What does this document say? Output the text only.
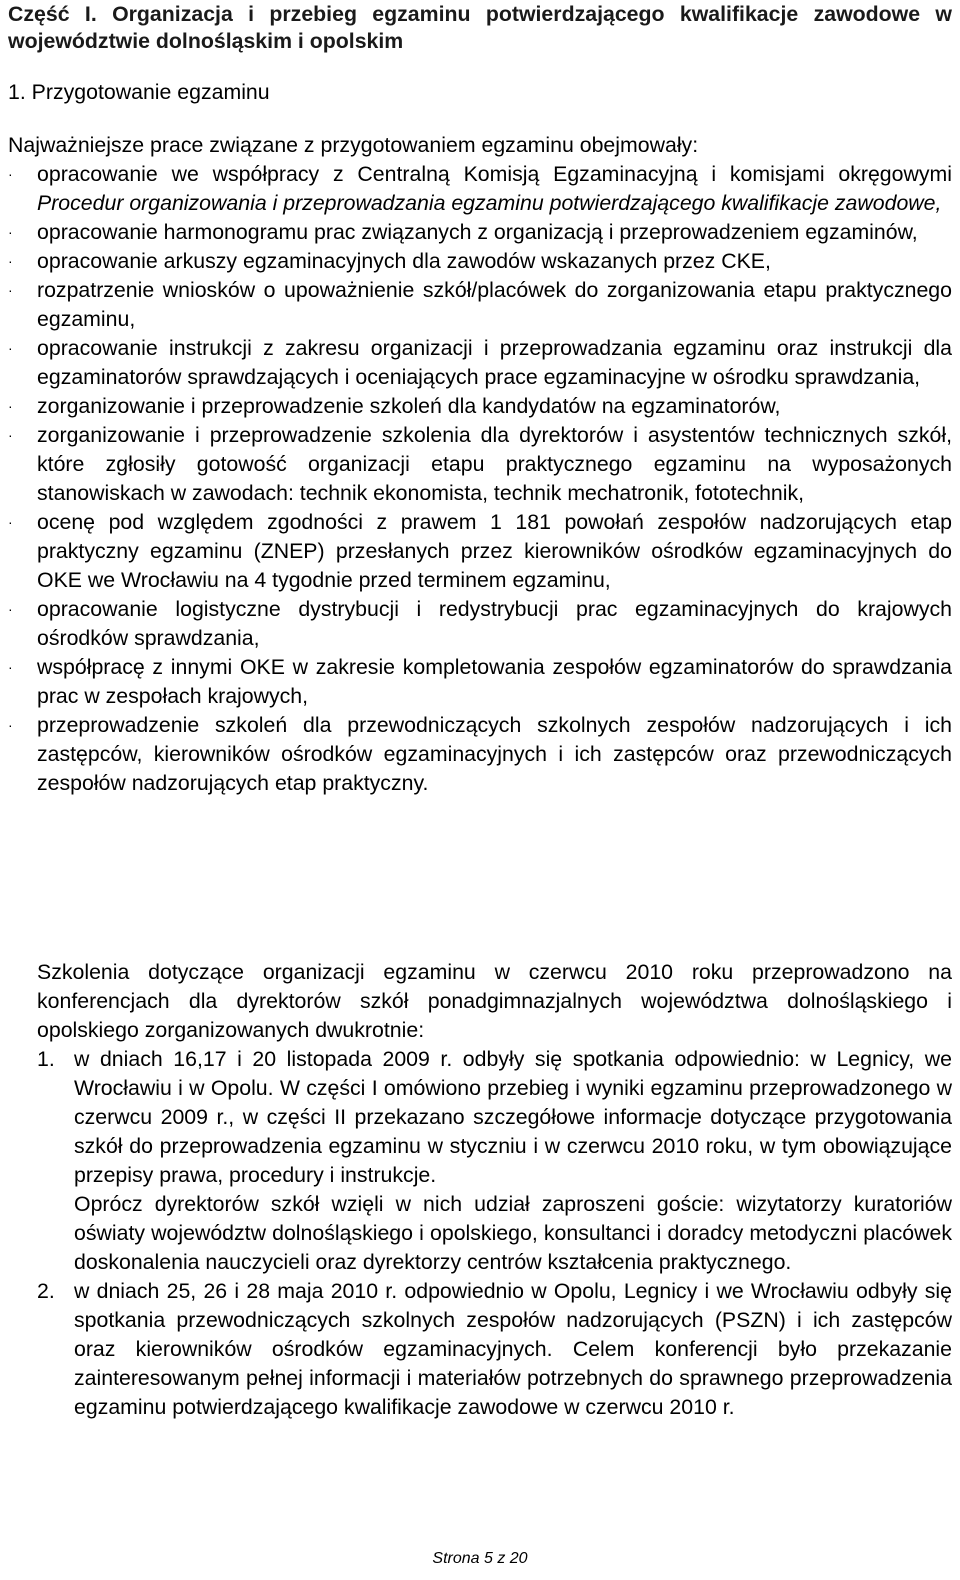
Część I. Organizacja i przebieg egzaminu potwierdzającego kwalifikacje zawodowe w województwie dolnośląskim i opolskim
1. Przygotowanie egzaminu

Najważniejsze prace związane z przygotowaniem egzaminu obejmowały:

· opracowanie we współpracy z Centralną Komisją Egzaminacyjną i komisjami okręgowymi Procedur organizowania i przeprowadzania egzaminu potwierdzającego kwalifikacje zawodowe,
· opracowanie harmonogramu prac związanych z organizacją i przeprowadzeniem egzaminów,
· opracowanie arkuszy egzaminacyjnych dla zawodów wskazanych przez CKE,
· rozpatrzenie wniosków o upoważnienie szkół/placówek do zorganizowania etapu praktycznego egzaminu,
· opracowanie instrukcji z zakresu organizacji i przeprowadzania egzaminu oraz instrukcji dla egzaminatorów sprawdzających i oceniających prace egzaminacyjne w ośrodku sprawdzania,
· zorganizowanie i przeprowadzenie szkoleń dla kandydatów na egzaminatorów,
· zorganizowanie i przeprowadzenie szkolenia dla dyrektorów i asystentów technicznych szkół, które zgłosiły gotowość organizacji etapu praktycznego egzaminu na wyposażonych stanowiskach w zawodach: technik ekonomista, technik mechatronik, fototechnik,
· ocenę pod względem zgodności z prawem 1 181 powołań zespołów nadzorujących etap praktyczny egzaminu (ZNEP) przesłanych przez kierowników ośrodków egzaminacyjnych do OKE we Wrocławiu na 4 tygodnie przed terminem egzaminu,
· opracowanie logistyczne dystrybucji i redystrybucji prac egzaminacyjnych do krajowych ośrodków sprawdzania,
· współpracę z innymi OKE w zakresie kompletowania zespołów egzaminatorów do sprawdzania prac w zespołach krajowych,
· przeprowadzenie szkoleń dla przewodniczących szkolnych zespołów nadzorujących i ich zastępców, kierowników ośrodków egzaminacyjnych i ich zastępców oraz przewodniczących zespołów nadzorujących etap praktyczny.

Szkolenia dotyczące organizacji egzaminu w czerwcu 2010 roku przeprowadzono na konferencjach dla dyrektorów szkół ponadgimnazjalnych województwa dolnośląskiego i opolskiego zorganizowanych dwukrotnie:

1. w dniach 16,17 i 20 listopada 2009 r. odbyły się spotkania odpowiednio: w Legnicy, we Wrocławiu i w Opolu. W części I omówiono przebieg i wyniki egzaminu przeprowadzonego w czerwcu 2009 r., w części II przekazano szczegółowe informacje dotyczące przygotowania szkół do przeprowadzenia egzaminu w styczniu i w czerwcu 2010 roku, w tym obowiązujące przepisy prawa, procedury i instrukcje.

Oprócz dyrektorów szkół wzięli w nich udział zaproszeni goście: wizytatorzy kuratoriów oświaty województw dolnośląskiego i opolskiego, konsultanci i doradcy metodyczni placówek doskonalenia nauczycieli oraz dyrektorzy centrów kształcenia praktycznego.

2. w dniach 25, 26 i 28 maja 2010 r. odpowiednio w Opolu, Legnicy i we Wrocławiu odbyły się spotkania przewodniczących szkolnych zespołów nadzorujących (PSZN) i ich zastępców oraz kierowników ośrodków egzaminacyjnych. Celem konferencji było przekazanie zainteresowanym pełnej informacji i materiałów potrzebnych do sprawnego przeprowadzenia egzaminu potwierdzającego kwalifikacje zawodowe w czerwcu 2010 r.

Strona 5 z 20
